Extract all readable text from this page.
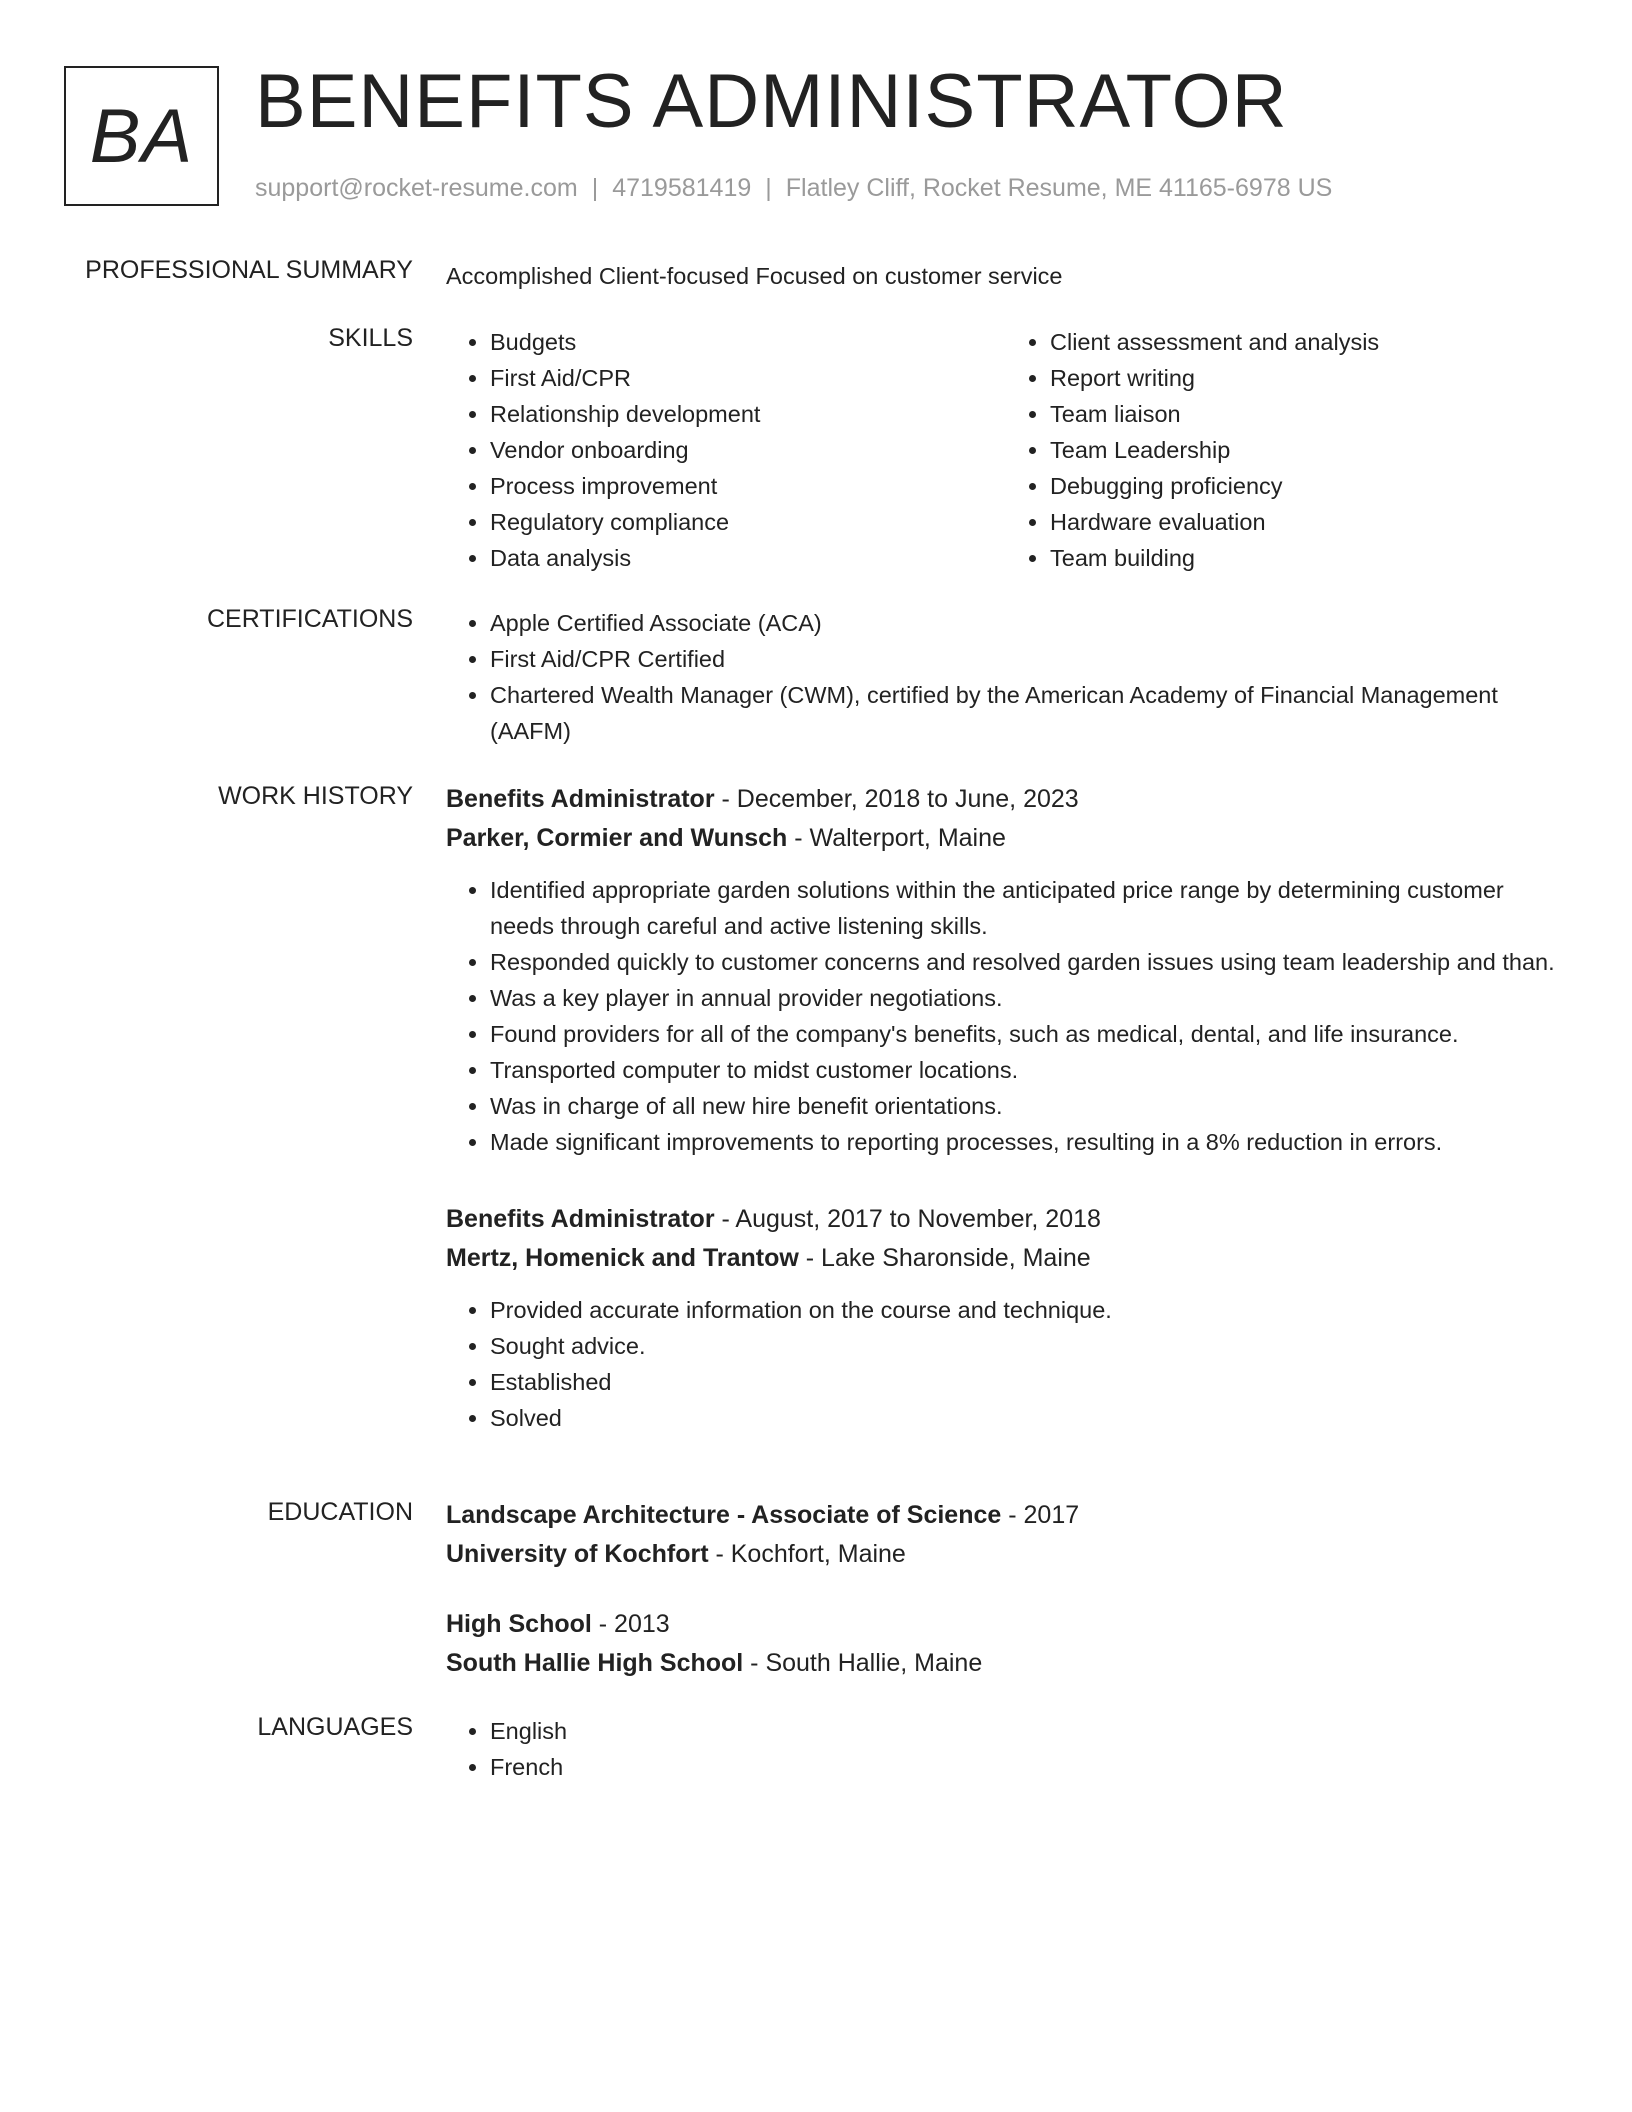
BA BENEFITS ADMINISTRATOR
support@rocket-resume.com | 4719581419 | Flatley Cliff, Rocket Resume, ME 41165-6978 US
PROFESSIONAL SUMMARY Accomplished Client-focused Focused on customer service
SKILLS	• Budgets
• First Aid/CPR
• Relationship development
• Vendor onboarding
• Process improvement
• Regulatory compliance
• Data analysis
• Client assessment and analysis
• Report writing
• Team liaison
• Team Leadership
• Debugging proficiency
• Hardware evaluation
• Team building
CERTIFICATIONS	• Apple Certified Associate (ACA)
• First Aid/CPR Certified
• Chartered Wealth Manager (CWM), certified by the American Academy of Financial Management (AAFM)
WORK HISTORY Benefits Administrator - December, 2018 to June, 2023
Parker, Cormier and Wunsch - Walterport, Maine
• Identified appropriate garden solutions within the anticipated price range by determining customer needs through careful and active listening skills.
• Responded quickly to customer concerns and resolved garden issues using team leadership and than.
• Was a key player in annual provider negotiations.
• Found providers for all of the company's benefits, such as medical, dental, and life insurance.
• Transported computer to midst customer locations.
• Was in charge of all new hire benefit orientations.
• Made significant improvements to reporting processes, resulting in a 8% reduction in errors.
Benefits Administrator - August, 2017 to November, 2018
Mertz, Homenick and Trantow - Lake Sharonside, Maine
• Provided accurate information on the course and technique.
• Sought advice.
• Established
• Solved
EDUCATION Landscape Architecture - Associate of Science - 2017
University of Kochfort - Kochfort, Maine
High School - 2013
South Hallie High School - South Hallie, Maine
LANGUAGES	• English
• French
